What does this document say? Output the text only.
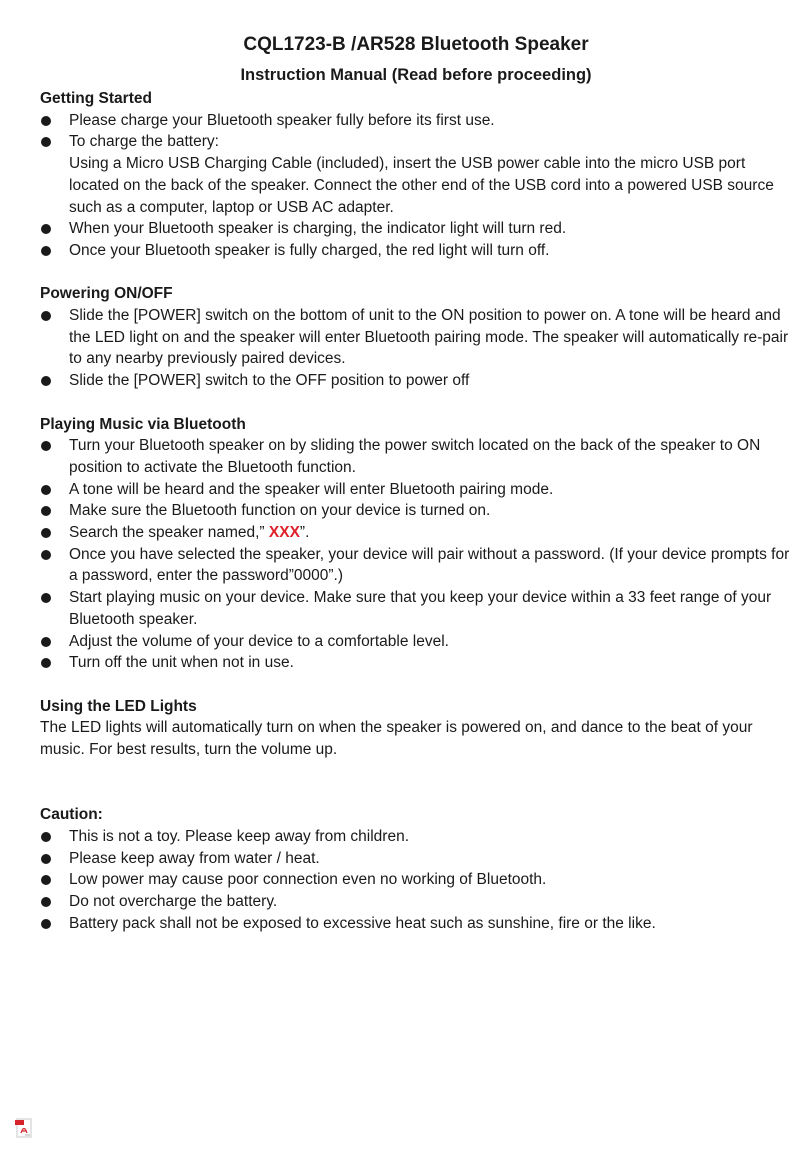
CQL1723-B /AR528 Bluetooth Speaker
Instruction Manual (Read before proceeding)
Getting Started
Please charge your Bluetooth speaker fully before its first use.
To charge the battery:
Using a Micro USB Charging Cable (included), insert the USB power cable into the micro USB port located on the back of the speaker. Connect the other end of the USB cord into a powered USB source such as a computer, laptop or USB AC adapter.
When your Bluetooth speaker is charging, the indicator light will turn red.
Once your Bluetooth speaker is fully charged, the red light will turn off.
Powering ON/OFF
Slide the [POWER] switch on the bottom of unit to the ON position to power on. A tone will be heard and the LED light on and the speaker will enter Bluetooth pairing mode. The speaker will automatically re-pair to any nearby previously paired devices.
Slide the [POWER] switch to the OFF position to power off
Playing Music via Bluetooth
Turn your Bluetooth speaker on by sliding the power switch located on the back of the speaker to ON position to activate the Bluetooth function.
A tone will be heard and the speaker will enter Bluetooth pairing mode.
Make sure the Bluetooth function on your device is turned on.
Search the speaker named,” XXX”.
Once you have selected the speaker, your device will pair without a password. (If your device prompts for a password, enter the password”0000”.)
Start playing music on your device. Make sure that you keep your device within a 33 feet range of your Bluetooth speaker.
Adjust the volume of your device to a comfortable level.
Turn off the unit when not in use.
Using the LED Lights

The LED lights will automatically turn on when the speaker is powered on, and dance to the beat of your music. For best results, turn the volume up.

Caution:
This is not a toy. Please keep away from children.
Please keep away from water / heat.
Low power may cause poor connection even no working of Bluetooth.
Do not overcharge the battery.
Battery pack shall not be exposed to excessive heat such as sunshine, fire or the like.
